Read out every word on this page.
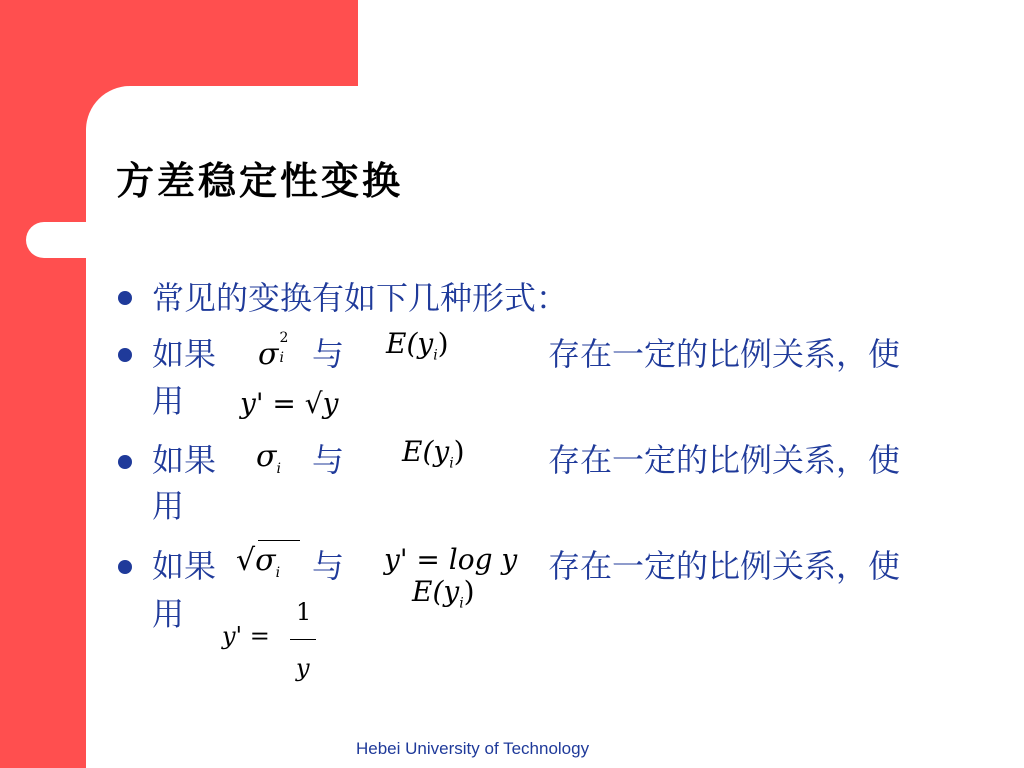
方差稳定性变换
常见的变换有如下几种形式：
如果 σ 2
i 与 $E(y_i)$	存在一定的比例关系，使
用 y' = √y
如果 $\sigma_i$ 与 $E(y_i)$	存在一定的比例关系，使
用
如果 $√\sigma_i$ 与 y' = log y
$E(y_i)$
存在一定的比例关系，使
用
y' =
1
y
Hebei University of Technology
